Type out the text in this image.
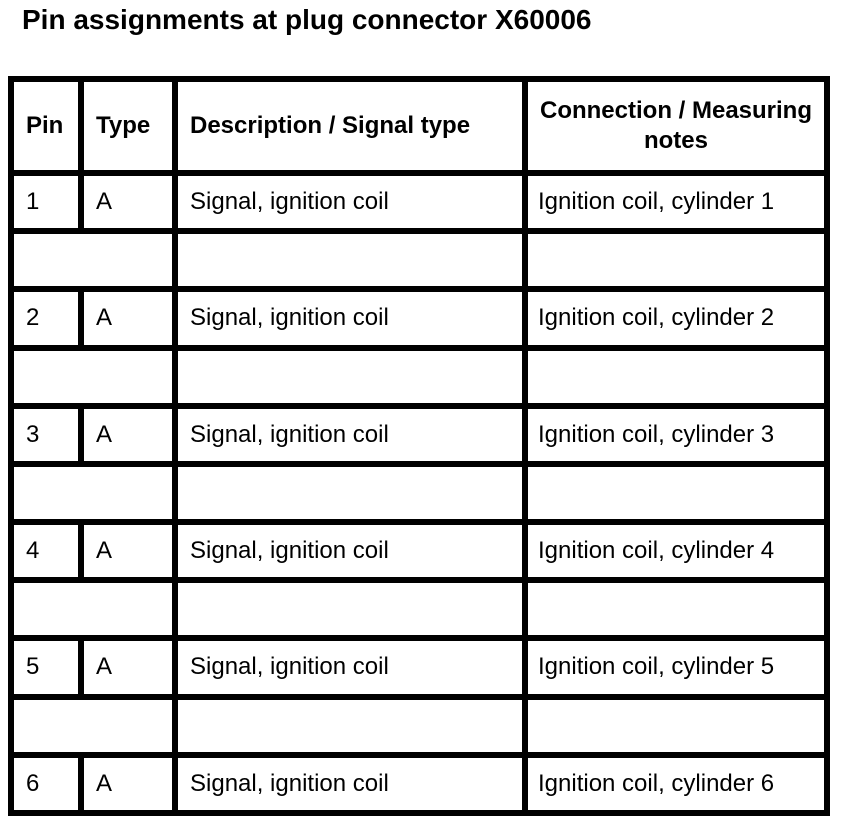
Pin assignments at plug connector X60006
Pin	Type	Description / Signal type	Connection / Measuring notes
1	A	Signal, ignition coil	Ignition coil, cylinder 1

2	A	Signal, ignition coil	Ignition coil, cylinder 2

3	A	Signal, ignition coil	Ignition coil, cylinder 3

4	A	Signal, ignition coil	Ignition coil, cylinder 4

5	A	Signal, ignition coil	Ignition coil, cylinder 5

6	A	Signal, ignition coil	Ignition coil, cylinder 6
